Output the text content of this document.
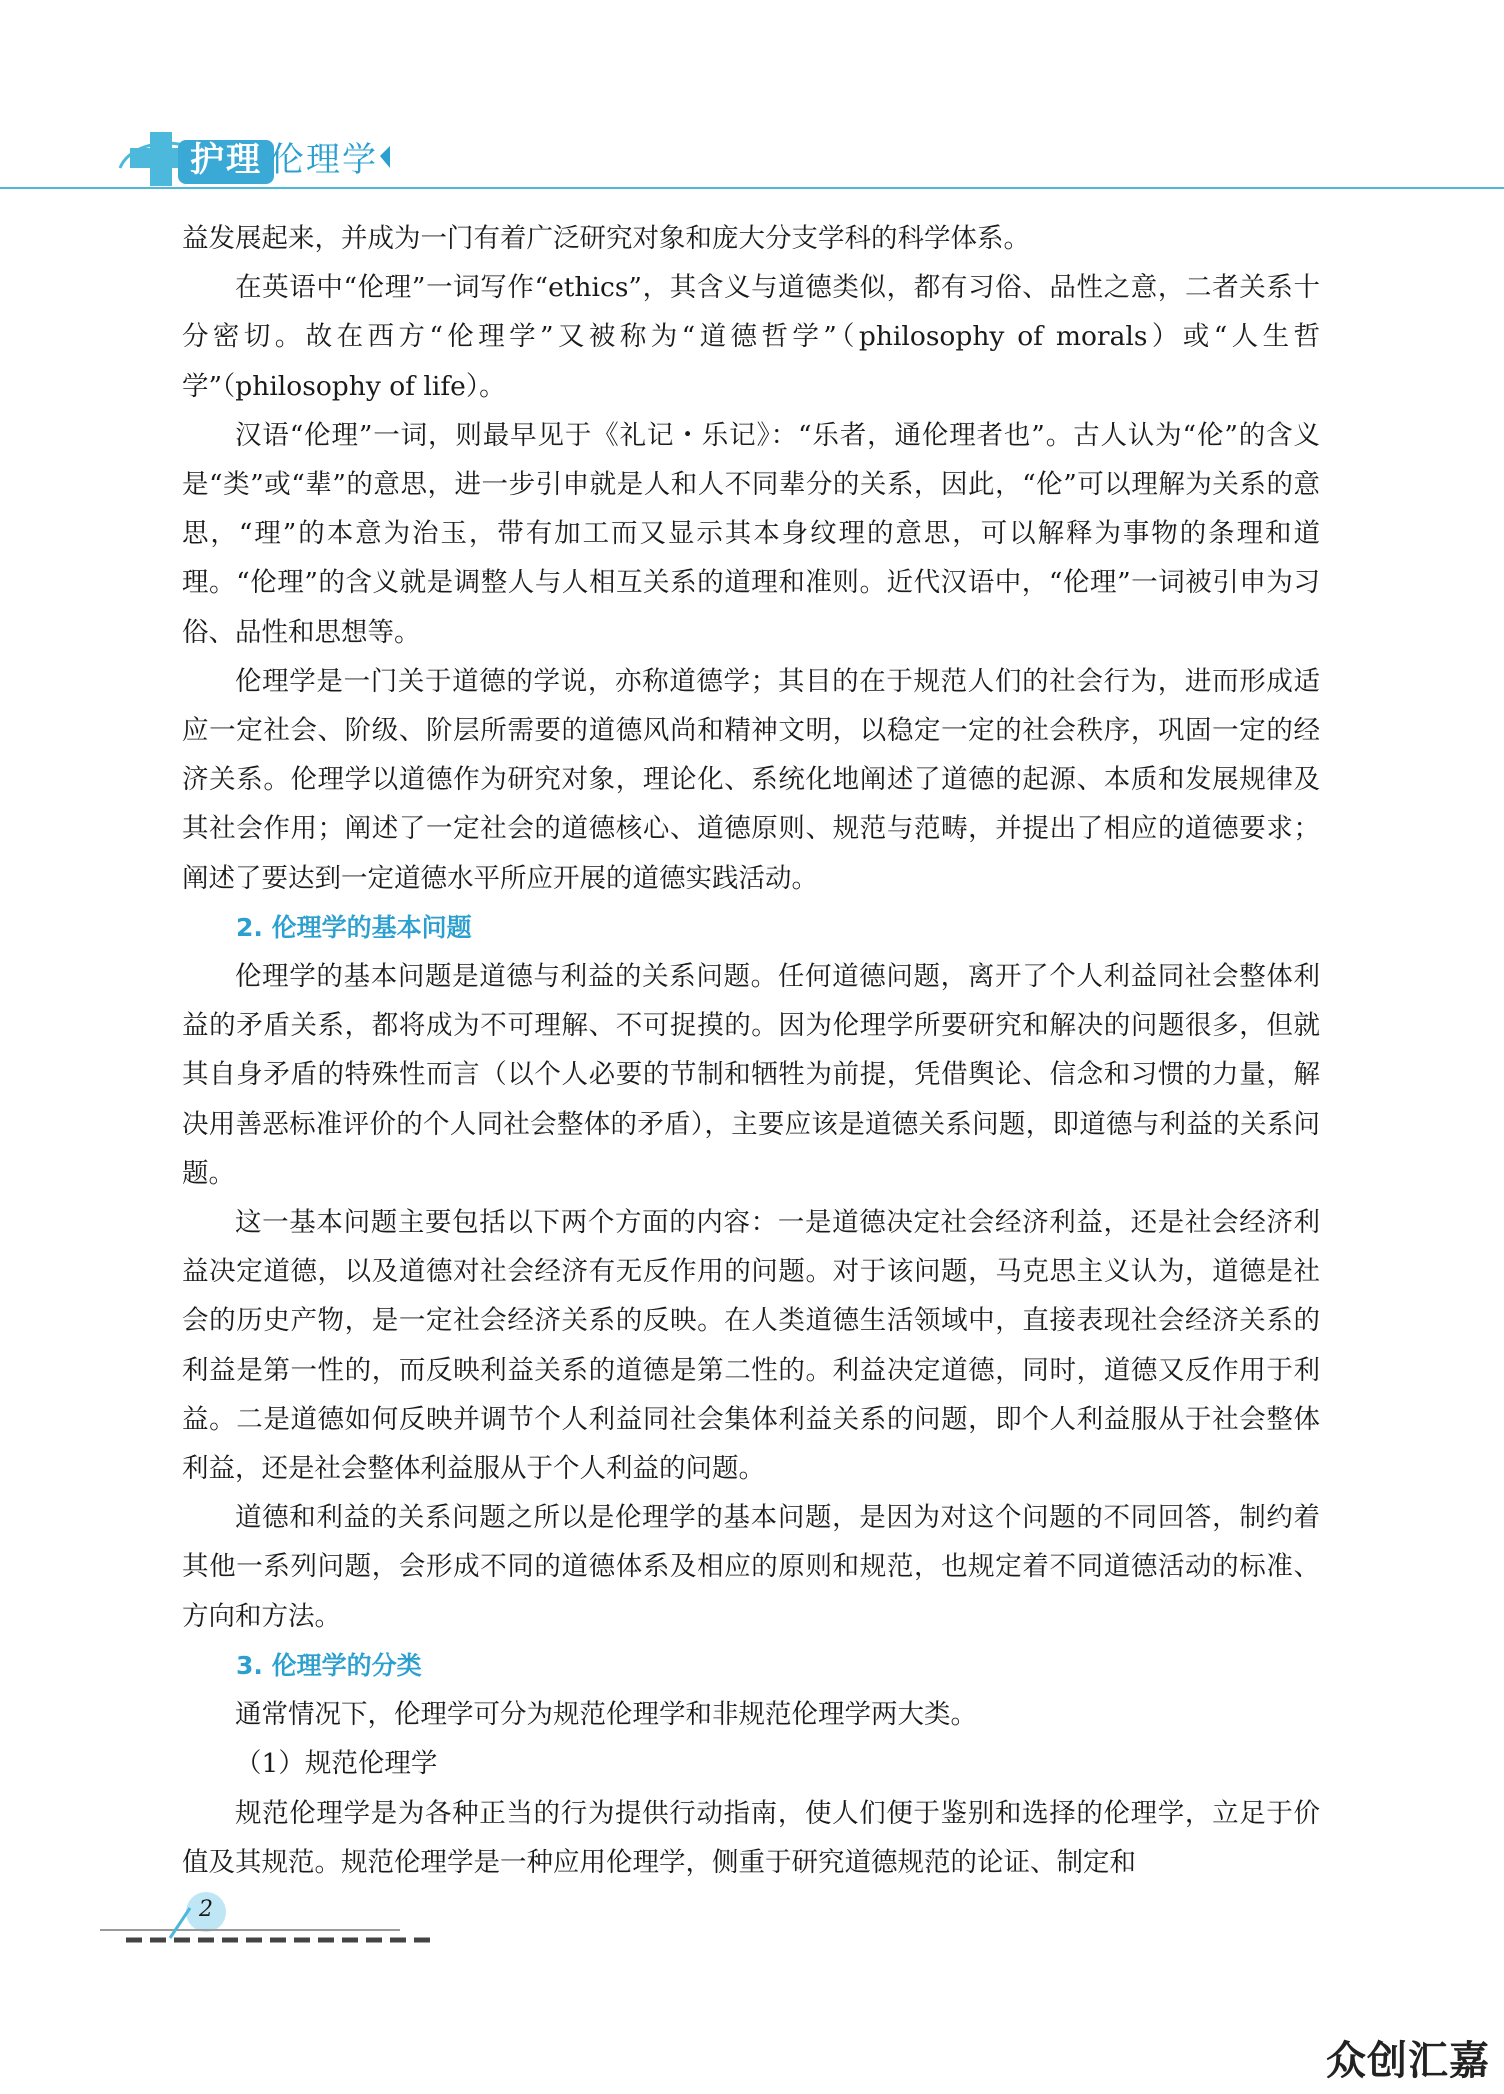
护理 伦理学

益发展起来，并成为一门有着广泛研究对象和庞大分支学科的科学体系。

在英语中“伦理”一词写作“ethics”，其含义与道德类似，都有习俗、品性之意，二者关系十分密切。故在西方“伦理学”又被称为“道德哲学”（philosophy of morals）或“人生哲学”（philosophy of life）。

汉语“伦理”一词，则最早见于《礼记・乐记》：“乐者，通伦理者也”。古人认为“伦”的含义是“类”或“辈”的意思，进一步引申就是人和人不同辈分的关系，因此，“伦”可以理解为关系的意思，“理”的本意为治玉，带有加工而又显示其本身纹理的意思，可以解释为事物的条理和道理。“伦理”的含义就是调整人与人相互关系的道理和准则。近代汉语中，“伦理”一词被引申为习俗、品性和思想等。

伦理学是一门关于道德的学说，亦称道德学；其目的在于规范人们的社会行为，进而形成适应一定社会、阶级、阶层所需要的道德风尚和精神文明，以稳定一定的社会秩序，巩固一定的经济关系。伦理学以道德作为研究对象，理论化、系统化地阐述了道德的起源、本质和发展规律及其社会作用；阐述了一定社会的道德核心、道德原则、规范与范畴，并提出了相应的道德要求；阐述了要达到一定道德水平所应开展的道德实践活动。

2. 伦理学的基本问题

伦理学的基本问题是道德与利益的关系问题。任何道德问题，离开了个人利益同社会整体利益的矛盾关系，都将成为不可理解、不可捉摸的。因为伦理学所要研究和解决的问题很多，但就其自身矛盾的特殊性而言（以个人必要的节制和牺牲为前提，凭借舆论、信念和习惯的力量，解决用善恶标准评价的个人同社会整体的矛盾），主要应该是道德关系问题，即道德与利益的关系问题。

这一基本问题主要包括以下两个方面的内容：一是道德决定社会经济利益，还是社会经济利益决定道德，以及道德对社会经济有无反作用的问题。对于该问题，马克思主义认为，道德是社会的历史产物，是一定社会经济关系的反映。在人类道德生活领域中，直接表现社会经济关系的利益是第一性的，而反映利益关系的道德是第二性的。利益决定道德，同时，道德又反作用于利益。二是道德如何反映并调节个人利益同社会集体利益关系的问题，即个人利益服从于社会整体利益，还是社会整体利益服从于个人利益的问题。

道德和利益的关系问题之所以是伦理学的基本问题，是因为对这个问题的不同回答，制约着其他一系列问题，会形成不同的道德体系及相应的原则和规范，也规定着不同道德活动的标准、方向和方法。

3. 伦理学的分类

通常情况下，伦理学可分为规范伦理学和非规范伦理学两大类。

（1）规范伦理学

规范伦理学是为各种正当的行为提供行动指南，使人们便于鉴别和选择的伦理学，立足于价值及其规范。规范伦理学是一种应用伦理学，侧重于研究道德规范的论证、制定和

2
众创汇嘉
